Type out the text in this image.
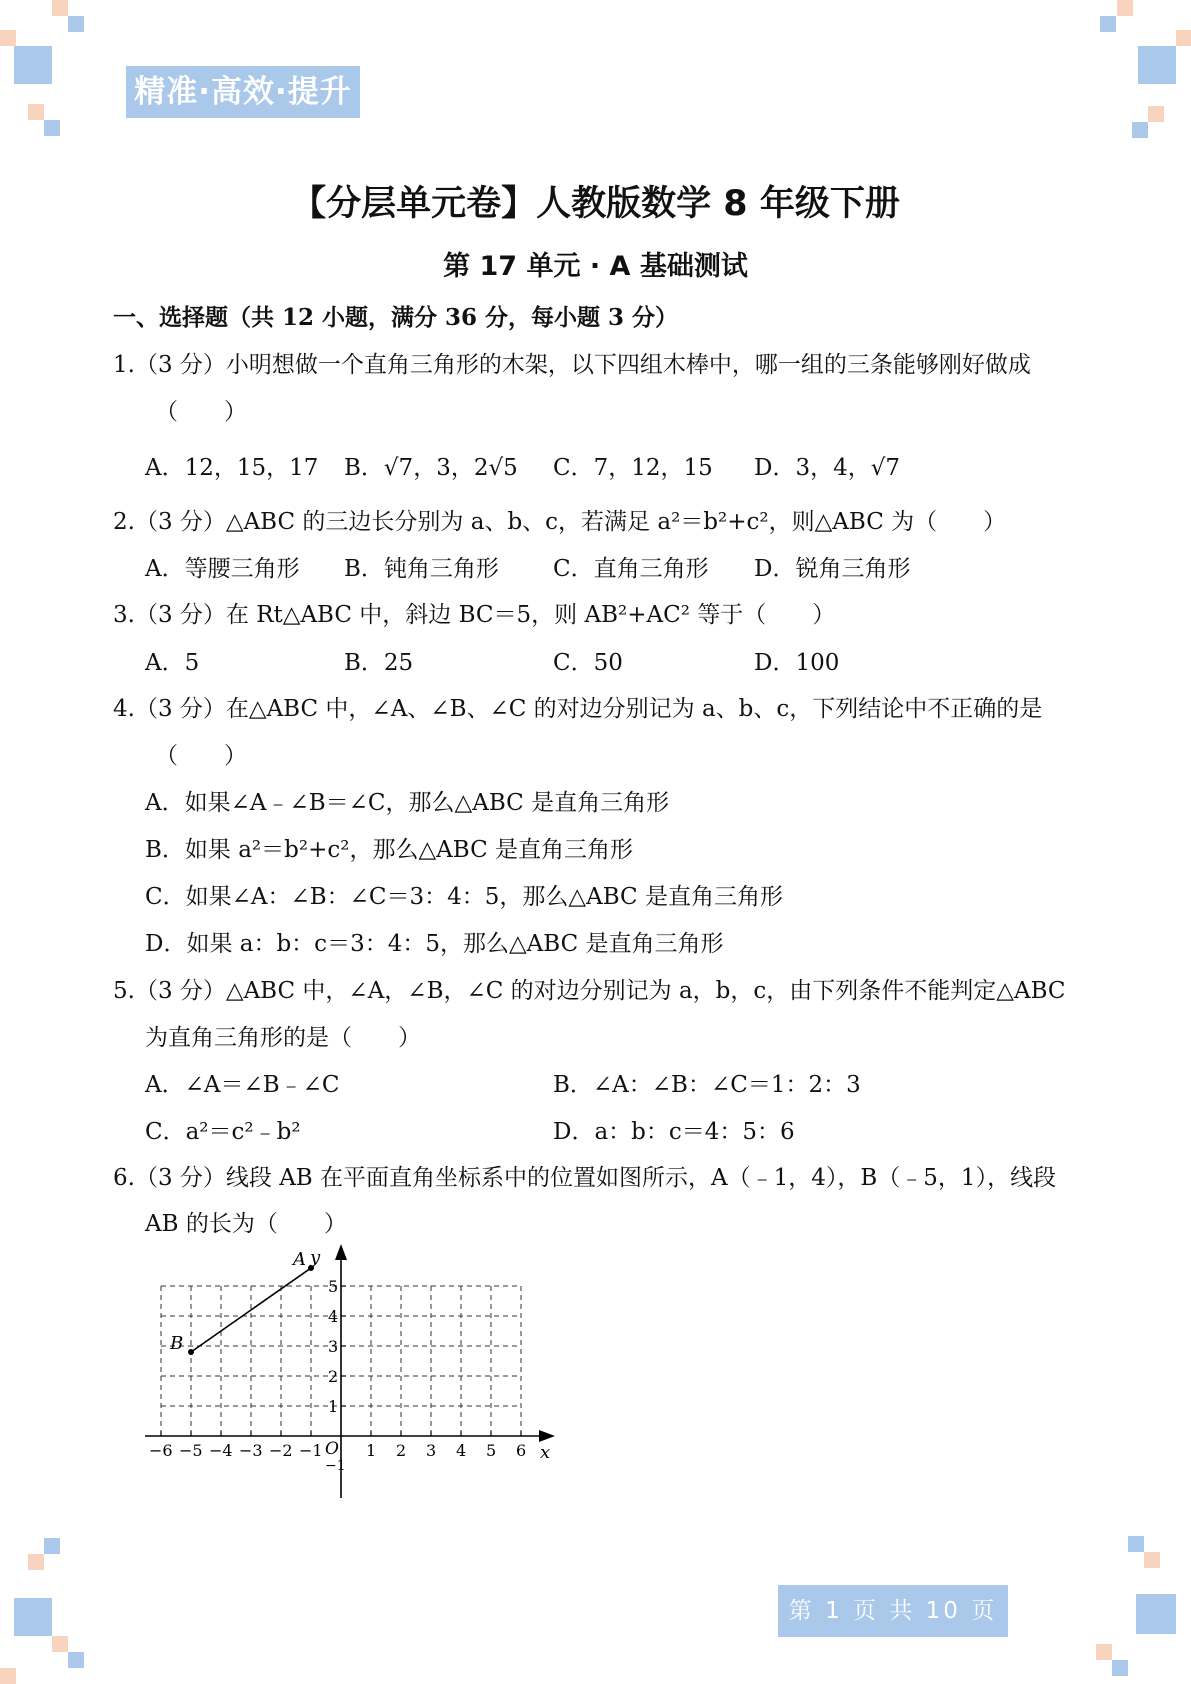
精准·高效·提升
【分层单元卷】人教版数学 8 年级下册
第 17 单元 · A 基础测试
一、选择题（共 12 小题，满分 36 分，每小题 3 分）
1.（3 分）小明想做一个直角三角形的木架，以下四组木棒中，哪一组的三条能够刚好做成
（　　）
A．12，15，17 B．√7，3，2√5 C．7，12，15 D．3，4，√7
2.（3 分）△ABC 的三边长分别为 a、b、c，若满足 a²＝b²+c²，则△ABC 为（　　）
A．等腰三角形 B．钝角三角形 C．直角三角形 D．锐角三角形
3.（3 分）在 Rt△ABC 中，斜边 BC＝5，则 AB²+AC² 等于（　　）
A．5	B．25	C．50	D．100
4.（3 分）在△ABC 中，∠A、∠B、∠C 的对边分别记为 a、b、c，下列结论中不正确的是
（　　）
A．如果∠A﹣∠B＝∠C，那么△ABC 是直角三角形
B．如果 a²＝b²+c²，那么△ABC 是直角三角形
C．如果∠A：∠B：∠C＝3：4：5，那么△ABC 是直角三角形
D．如果 a：b：c＝3：4：5，那么△ABC 是直角三角形
5.（3 分）△ABC 中，∠A，∠B，∠C 的对边分别记为 a，b，c，由下列条件不能判定△ABC
为直角三角形的是（　　）
A．∠A＝∠B﹣∠C	B．∠A：∠B：∠C＝1：2：3
C．a²＝c²﹣b²	D．a：b：c＝4：5：6
6.（3 分）线段 AB 在平面直角坐标系中的位置如图所示，A（﹣1，4），B（﹣5，1），线段
AB 的长为（　　）
A
B
y
x
O
−6 −5 −4 −3 −2 −1	1 2 3 4 5 6
1
2
3
4
5
−1
第 1 页 共 10 页
